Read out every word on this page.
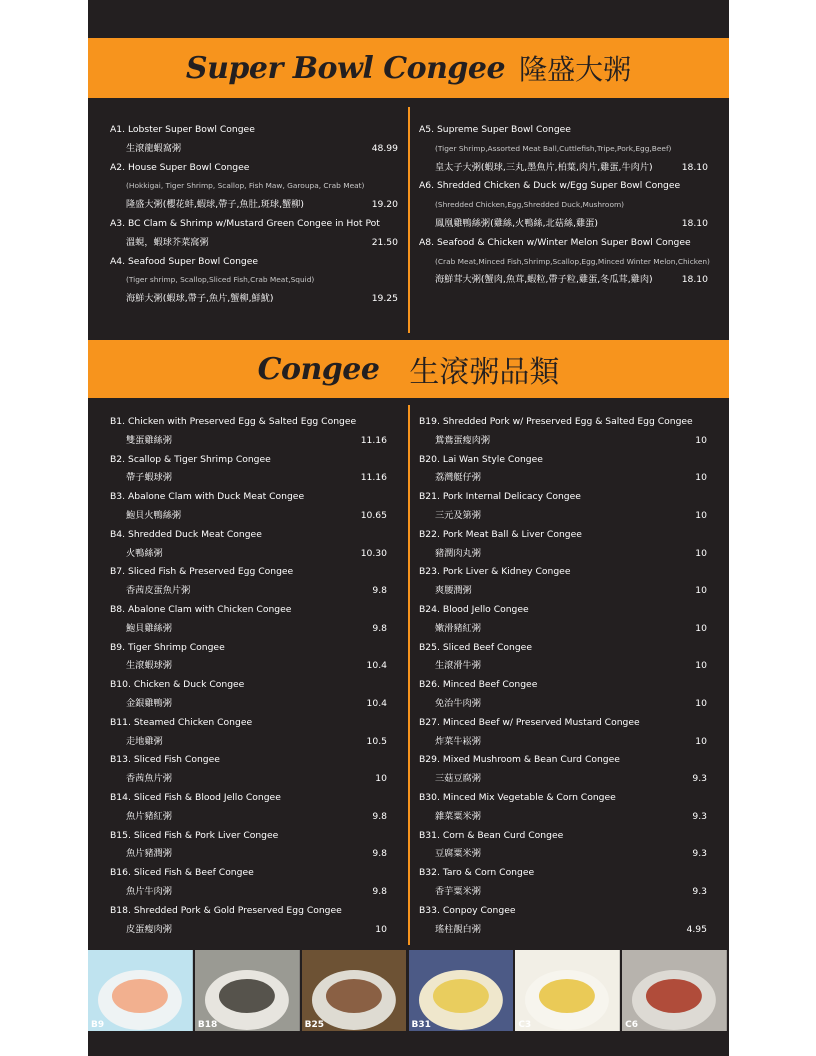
Super Bowl Congee 隆盛大粥
A1. Lobster Super Bowl Congee
生滾龍蝦窩粥	48.99
A2. House Super Bowl Congee
(Hokkigai, Tiger Shrimp, Scallop, Fish Maw, Garoupa, Crab Meat)
隆盛大粥(櫻花蚌,蝦球,帶子,魚肚,斑球,蟹柳)	19.20
A3. BC Clam & Shrimp w/Mustard Green Congee in Hot Pot
溫蜆，蝦球芥菜窩粥	21.50
A4. Seafood Super Bowl Congee
(Tiger shrimp, Scallop,Sliced Fish,Crab Meat,Squid)
海鮮大粥(蝦球,帶子,魚片,蟹柳,鮮魷)	19.25
A5. Supreme Super Bowl Congee
(Tiger Shrimp,Assorted Meat Ball,Cuttlefish,Tripe,Pork,Egg,Beef)
皇太子大粥(蝦球,三丸,墨魚片,柏葉,肉片,雞蛋,牛肉片)	18.10
A6. Shredded Chicken & Duck w/Egg Super Bowl Congee
(Shredded Chicken,Egg,Shredded Duck,Mushroom)
鳳凰雞鴨絲粥(雞絲,火鴨絲,北菇絲,雞蛋)	18.10
A8. Seafood & Chicken w/Winter Melon Super Bowl Congee
(Crab Meat,Minced Fish,Shrimp,Scallop,Egg,Minced Winter Melon,Chicken)
海鮮茸大粥(蟹肉,魚茸,蝦粒,帶子粒,雞蛋,冬瓜茸,雞肉)	18.10
Congee 生滾粥品類
B1. Chicken with Preserved Egg & Salted Egg Congee
雙蛋雞絲粥	11.16
B2. Scallop & Tiger Shrimp Congee
帶子蝦球粥	11.16
B3. Abalone Clam with Duck Meat Congee
鮑貝火鴨絲粥	10.65
B4. Shredded Duck Meat Congee
火鴨絲粥	10.30
B7. Sliced Fish & Preserved Egg Congee
香茜皮蛋魚片粥	9.8
B8. Abalone Clam with Chicken Congee
鮑貝雞絲粥	9.8
B9. Tiger Shrimp Congee
生滾蝦球粥	10.4
B10. Chicken & Duck Congee
金銀雞鴨粥	10.4
B11. Steamed Chicken Congee
走地雞粥	10.5
B13. Sliced Fish Congee
香茜魚片粥	10
B14. Sliced Fish & Blood Jello Congee
魚片豬紅粥	9.8
B15. Sliced Fish & Pork Liver Congee
魚片豬潤粥	9.8
B16. Sliced Fish & Beef Congee
魚片牛肉粥	9.8
B18. Shredded Pork & Gold Preserved Egg Congee
皮蛋瘦肉粥	10
B19. Shredded Pork w/ Preserved Egg & Salted Egg Congee
鴛鴦蛋瘦肉粥	10
B20. Lai Wan Style Congee
荔灣艇仔粥	10
B21. Pork Internal Delicacy Congee
三元及第粥	10
B22. Pork Meat Ball & Liver Congee
豬潤肉丸粥	10
B23. Pork Liver & Kidney Congee
爽腰潤粥	10
B24. Blood Jello Congee
嫩滑豬紅粥	10
B25. Sliced Beef Congee
生滾滑牛粥	10
B26. Minced Beef Congee
免治牛肉粥	10
B27. Minced Beef w/ Preserved Mustard Congee
炸菜牛崧粥	10
B29. Mixed Mushroom & Bean Curd Congee
三菇豆腐粥	9.3
B30. Minced Mix Vegetable & Corn Congee
雜菜粟米粥	9.3
B31. Corn & Bean Curd Congee
豆腐粟米粥	9.3
B32. Taro & Corn Congee
香芋粟米粥	9.3
B33. Conpoy Congee
瑤柱靚白粥	4.95
B9	B18	B25	B31	C3	C6
